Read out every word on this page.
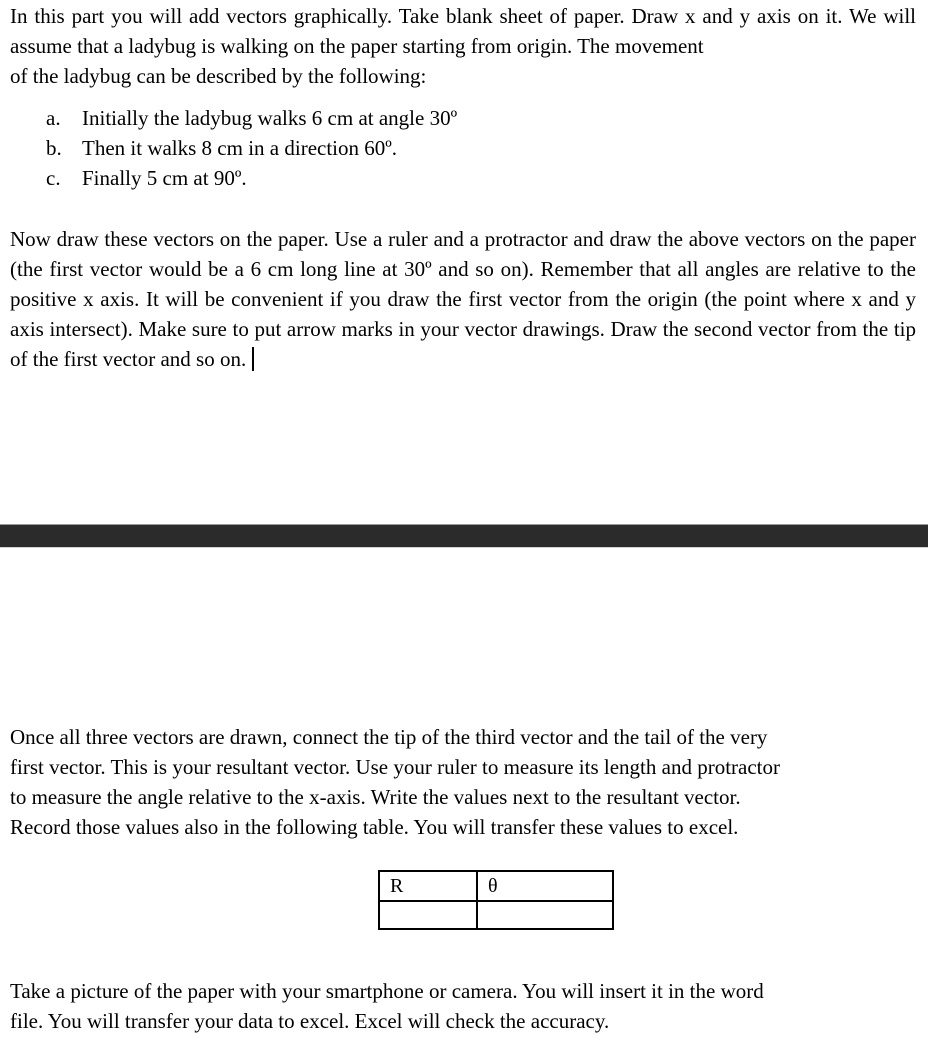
In this part you will add vectors graphically. Take blank sheet of paper. Draw x and y axis on it. We will assume that a ladybug is walking on the paper starting from origin. The movement
of the ladybug can be described by the following:
a. Initially the ladybug walks 6 cm at angle 30º
b. Then it walks 8 cm in a direction 60º.
c. Finally 5 cm at 90º.

Now draw these vectors on the paper. Use a ruler and a protractor and draw the above vectors on the paper (the first vector would be a 6 cm long line at 30º and so on). Remember that all angles are relative to the positive x axis. It will be convenient if you draw the first vector from the origin (the point where x and y axis intersect). Make sure to put arrow marks in your vector drawings. Draw the second vector from the tip of the first vector and so on.

Once all three vectors are drawn, connect the tip of the third vector and the tail of the very
first vector. This is your resultant vector. Use your ruler to measure its length and protractor
to measure the angle relative to the x-axis. Write the values next to the resultant vector.
Record those values also in the following table. You will transfer these values to excel.
R	θ

Take a picture of the paper with your smartphone or camera. You will insert it in the word
file. You will transfer your data to excel. Excel will check the accuracy.
